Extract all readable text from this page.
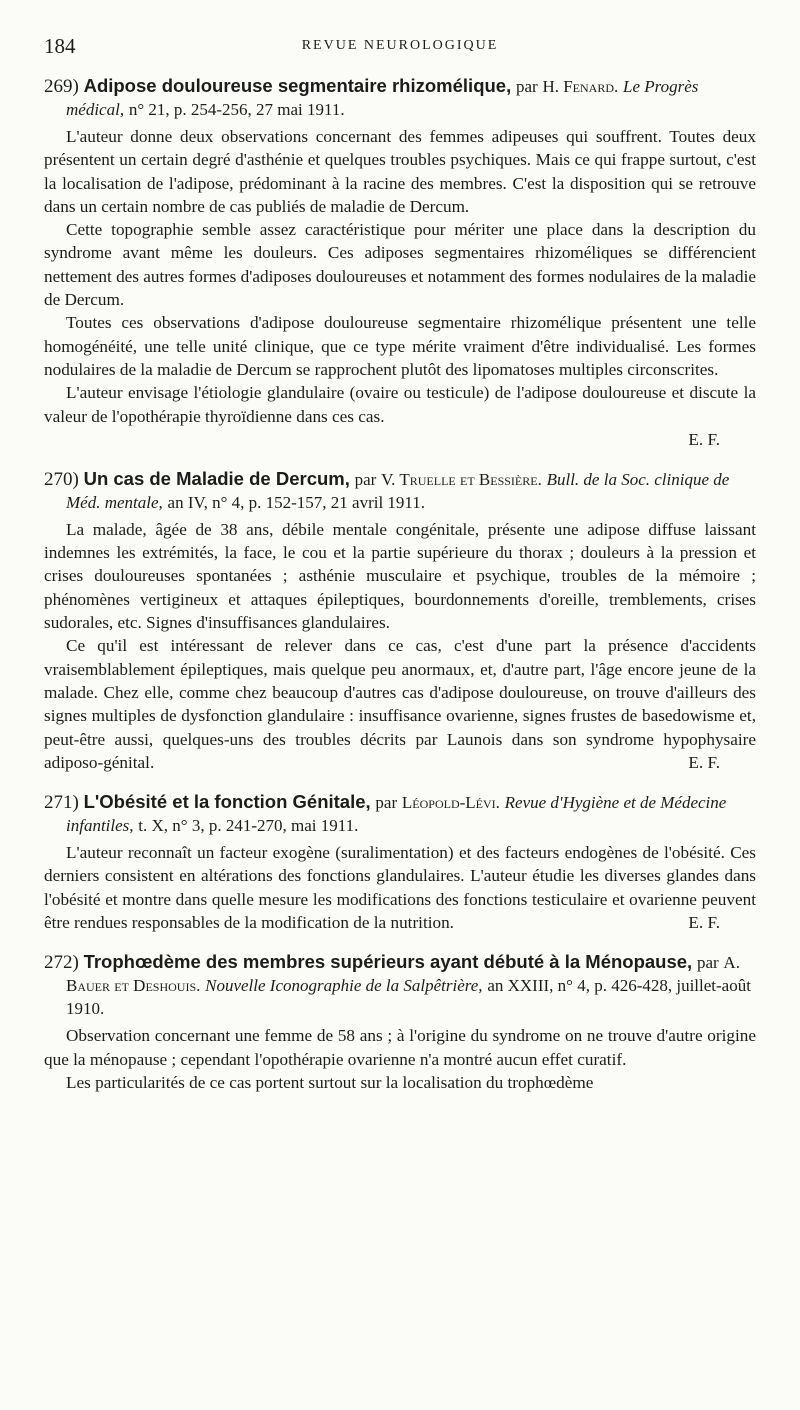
184	REVUE NEUROLOGIQUE

269) Adipose douloureuse segmentaire rhizomélique, par H. Fenard. Le Progrès médical, n° 21, p. 254-256, 27 mai 1911.

L'auteur donne deux observations concernant des femmes adipeuses qui souffrent. Toutes deux présentent un certain degré d'asthénie et quelques troubles psychiques. Mais ce qui frappe surtout, c'est la localisation de l'adipose, prédominant à la racine des membres. C'est la disposition qui se retrouve dans un certain nombre de cas publiés de maladie de Dercum.

Cette topographie semble assez caractéristique pour mériter une place dans la description du syndrome avant même les douleurs. Ces adiposes segmentaires rhizoméliques se différencient nettement des autres formes d'adiposes douloureuses et notamment des formes nodulaires de la maladie de Dercum.

Toutes ces observations d'adipose douloureuse segmentaire rhizomélique présentent une telle homogénéité, une telle unité clinique, que ce type mérite vraiment d'être individualisé. Les formes nodulaires de la maladie de Dercum se rapprochent plutôt des lipomatoses multiples circonscrites.

L'auteur envisage l'étiologie glandulaire (ovaire ou testicule) de l'adipose douloureuse et discute la valeur de l'opothérapie thyroïdienne dans ces cas.

E. F.

270) Un cas de Maladie de Dercum, par V. Truelle et Bessière. Bull. de la Soc. clinique de Méd. mentale, an IV, n° 4, p. 152-157, 21 avril 1911.

La malade, âgée de 38 ans, débile mentale congénitale, présente une adipose diffuse laissant indemnes les extrémités, la face, le cou et la partie supérieure du thorax ; douleurs à la pression et crises douloureuses spontanées ; asthénie musculaire et psychique, troubles de la mémoire ; phénomènes vertigineux et attaques épileptiques, bourdonnements d'oreille, tremblements, crises sudorales, etc. Signes d'insuffisances glandulaires.

Ce qu'il est intéressant de relever dans ce cas, c'est d'une part la présence d'accidents vraisemblablement épileptiques, mais quelque peu anormaux, et, d'autre part, l'âge encore jeune de la malade. Chez elle, comme chez beaucoup d'autres cas d'adipose douloureuse, on trouve d'ailleurs des signes multiples de dysfonction glandulaire : insuffisance ovarienne, signes frustes de basedowisme et, peut-être aussi, quelques-uns des troubles décrits par Launois dans son syndrome hypophysaire adiposo-génital.	E. F.

271) L'Obésité et la fonction Génitale, par Léopold-Lévi. Revue d'Hygiène et de Médecine infantiles, t. X, n° 3, p. 241-270, mai 1911.

L'auteur reconnaît un facteur exogène (suralimentation) et des facteurs endogènes de l'obésité. Ces derniers consistent en altérations des fonctions glandulaires. L'auteur étudie les diverses glandes dans l'obésité et montre dans quelle mesure les modifications des fonctions testiculaire et ovarienne peuvent être rendues responsables de la modification de la nutrition.	E. F.

272) Trophœdème des membres supérieurs ayant débuté à la Ménopause, par A. Bauer et Deshouis. Nouvelle Iconographie de la Salpêtrière, an XXIII, n° 4, p. 426-428, juillet-août 1910.

Observation concernant une femme de 58 ans ; à l'origine du syndrome on ne trouve d'autre origine que la ménopause ; cependant l'opothérapie ovarienne n'a montré aucun effet curatif.

Les particularités de ce cas portent surtout sur la localisation du trophœdème
